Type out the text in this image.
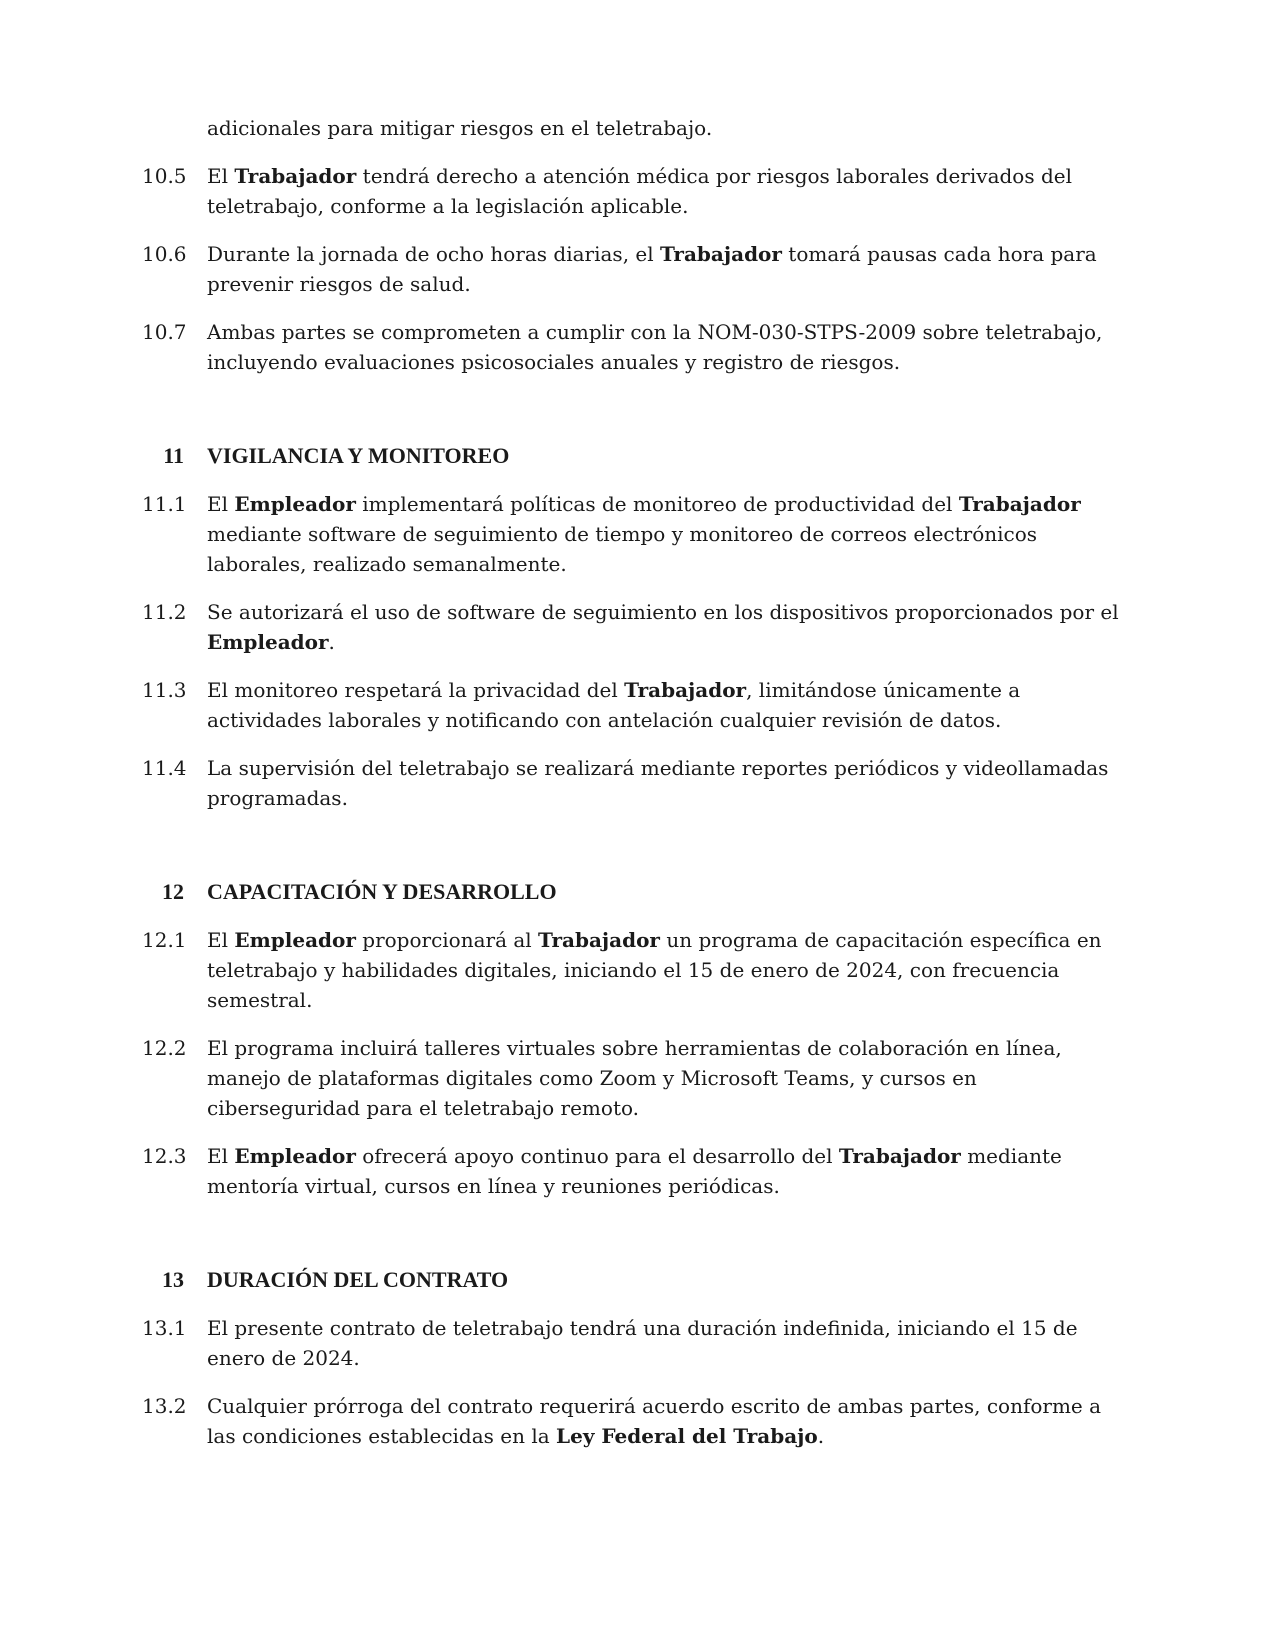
adicionales para mitigar riesgos en el teletrabajo.
10.5 El Trabajador tendrá derecho a atención médica por riesgos laborales derivados del teletrabajo, conforme a la legislación aplicable.
10.6 Durante la jornada de ocho horas diarias, el Trabajador tomará pausas cada hora para prevenir riesgos de salud.
10.7 Ambas partes se comprometen a cumplir con la NOM-030-STPS-2009 sobre teletrabajo, incluyendo evaluaciones psicosociales anuales y registro de riesgos.
11 VIGILANCIA Y MONITOREO
11.1 El Empleador implementará políticas de monitoreo de productividad del Trabajador mediante software de seguimiento de tiempo y monitoreo de correos electrónicos laborales, realizado semanalmente.
11.2 Se autorizará el uso de software de seguimiento en los dispositivos proporcionados por el Empleador.
11.3 El monitoreo respetará la privacidad del Trabajador, limitándose únicamente a actividades laborales y notificando con antelación cualquier revisión de datos.
11.4 La supervisión del teletrabajo se realizará mediante reportes periódicos y videollamadas programadas.
12 CAPACITACIÓN Y DESARROLLO
12.1 El Empleador proporcionará al Trabajador un programa de capacitación específica en teletrabajo y habilidades digitales, iniciando el 15 de enero de 2024, con frecuencia semestral.
12.2 El programa incluirá talleres virtuales sobre herramientas de colaboración en línea, manejo de plataformas digitales como Zoom y Microsoft Teams, y cursos en ciberseguridad para el teletrabajo remoto.
12.3 El Empleador ofrecerá apoyo continuo para el desarrollo del Trabajador mediante mentoría virtual, cursos en línea y reuniones periódicas.
13 DURACIÓN DEL CONTRATO
13.1 El presente contrato de teletrabajo tendrá una duración indefinida, iniciando el 15 de enero de 2024.
13.2 Cualquier prórroga del contrato requerirá acuerdo escrito de ambas partes, conforme a las condiciones establecidas en la Ley Federal del Trabajo.
